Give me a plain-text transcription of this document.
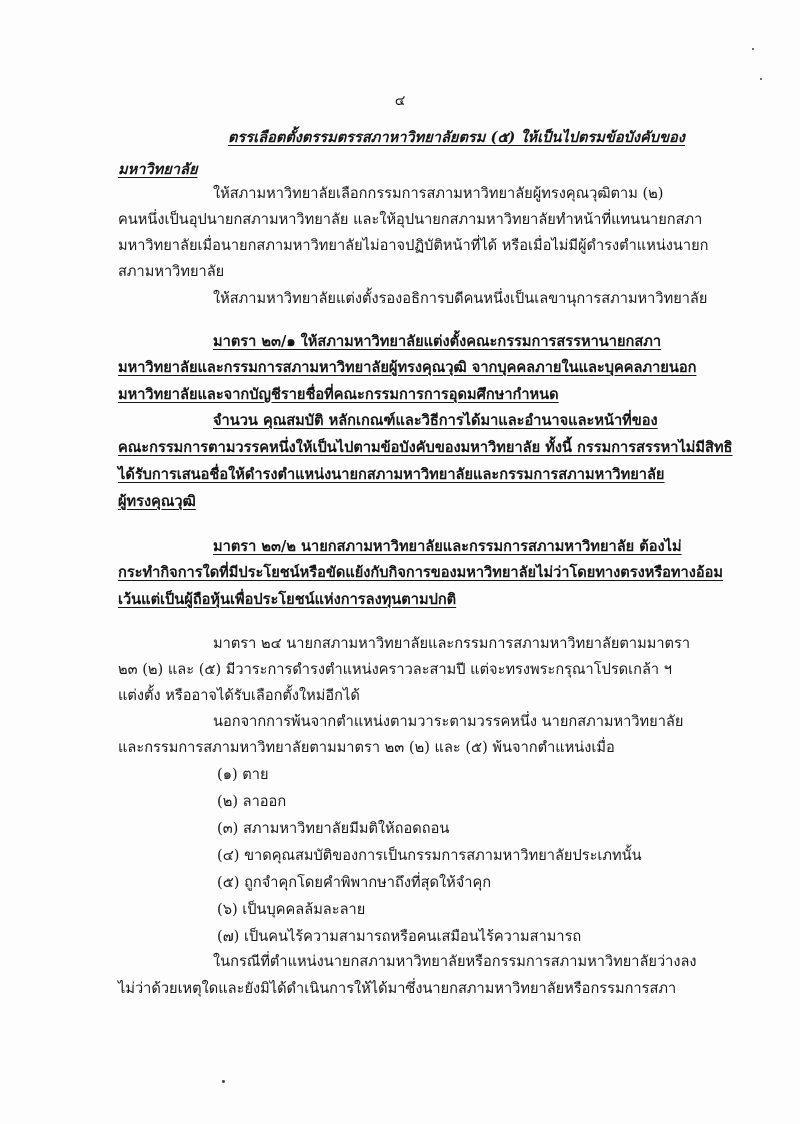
๔
ตรรเลือตตั้งตรรมตรรสภาหาวิทยาลัยตรม (๕) ให้เป็นไปตรมข้อบังคับของ
มหาวิทยาลัย
ให้สภามหาวิทยาลัยเลือกกรรมการสภามหาวิทยาลัยผู้ทรงคุณวุฒิตาม (๒)
คนหนึ่งเป็นอุปนายกสภามหาวิทยาลัย และให้อุปนายกสภามหาวิทยาลัยทำหน้าที่แทนนายกสภา
มหาวิทยาลัยเมื่อนายกสภามหาวิทยาลัยไม่อาจปฏิบัติหน้าที่ได้ หรือเมื่อไม่มีผู้ดำรงตำแหน่งนายก
สภามหาวิทยาลัย
ให้สภามหาวิทยาลัยแต่งตั้งรองอธิการบดีคนหนึ่งเป็นเลขานุการสภามหาวิทยาลัย
มาตรา ๒๓/๑ ให้สภามหาวิทยาลัยแต่งตั้งคณะกรรมการสรรหานายกสภา
มหาวิทยาลัยและกรรมการสภามหาวิทยาลัยผู้ทรงคุณวุฒิ จากบุคคลภายในและบุคคลภายนอก
มหาวิทยาลัยและจากบัญชีรายชื่อที่คณะกรรมการการอุดมศึกษากำหนด
จำนวน คุณสมบัติ หลักเกณฑ์และวิธีการได้มาและอำนาจและหน้าที่ของ
คณะกรรมการตามวรรคหนึ่งให้เป็นไปตามข้อบังคับของมหาวิทยาลัย ทั้งนี้ กรรมการสรรหาไม่มีสิทธิ
ได้รับการเสนอชื่อให้ดำรงตำแหน่งนายกสภามหาวิทยาลัยและกรรมการสภามหาวิทยาลัย
ผู้ทรงคุณวุฒิ
มาตรา ๒๓/๒ นายกสภามหาวิทยาลัยและกรรมการสภามหาวิทยาลัย ต้องไม่
กระทำกิจการใดที่มีประโยชน์หรือขัดแย้งกับกิจการของมหาวิทยาลัยไม่ว่าโดยทางตรงหรือทางอ้อม
เว้นแต่เป็นผู้ถือหุ้นเพื่อประโยชน์แห่งการลงทุนตามปกติ
มาตรา ๒๔ นายกสภามหาวิทยาลัยและกรรมการสภามหาวิทยาลัยตามมาตรา
๒๓ (๒) และ (๕) มีวาระการดำรงตำแหน่งคราวละสามปี แต่จะทรงพระกรุณาโปรดเกล้า ฯ
แต่งตั้ง หรืออาจได้รับเลือกตั้งใหม่อีกได้
นอกจากการพ้นจากตำแหน่งตามวาระตามวรรคหนึ่ง นายกสภามหาวิทยาลัย
และกรรมการสภามหาวิทยาลัยตามมาตรา ๒๓ (๒) และ (๕) พ้นจากตำแหน่งเมื่อ
(๑) ตาย
(๒) ลาออก
(๓) สภามหาวิทยาลัยมีมติให้ถอดถอน
(๔) ขาดคุณสมบัติของการเป็นกรรมการสภามหาวิทยาลัยประเภทนั้น
(๕) ถูกจำคุกโดยคำพิพากษาถึงที่สุดให้จำคุก
(๖) เป็นบุคคลล้มละลาย
(๗) เป็นคนไร้ความสามารถหรือคนเสมือนไร้ความสามารถ
ในกรณีที่ตำแหน่งนายกสภามหาวิทยาลัยหรือกรรมการสภามหาวิทยาลัยว่างลง
ไม่ว่าด้วยเหตุใดและยังมิได้ดำเนินการให้ได้มาซึ่งนายกสภามหาวิทยาลัยหรือกรรมการสภา
